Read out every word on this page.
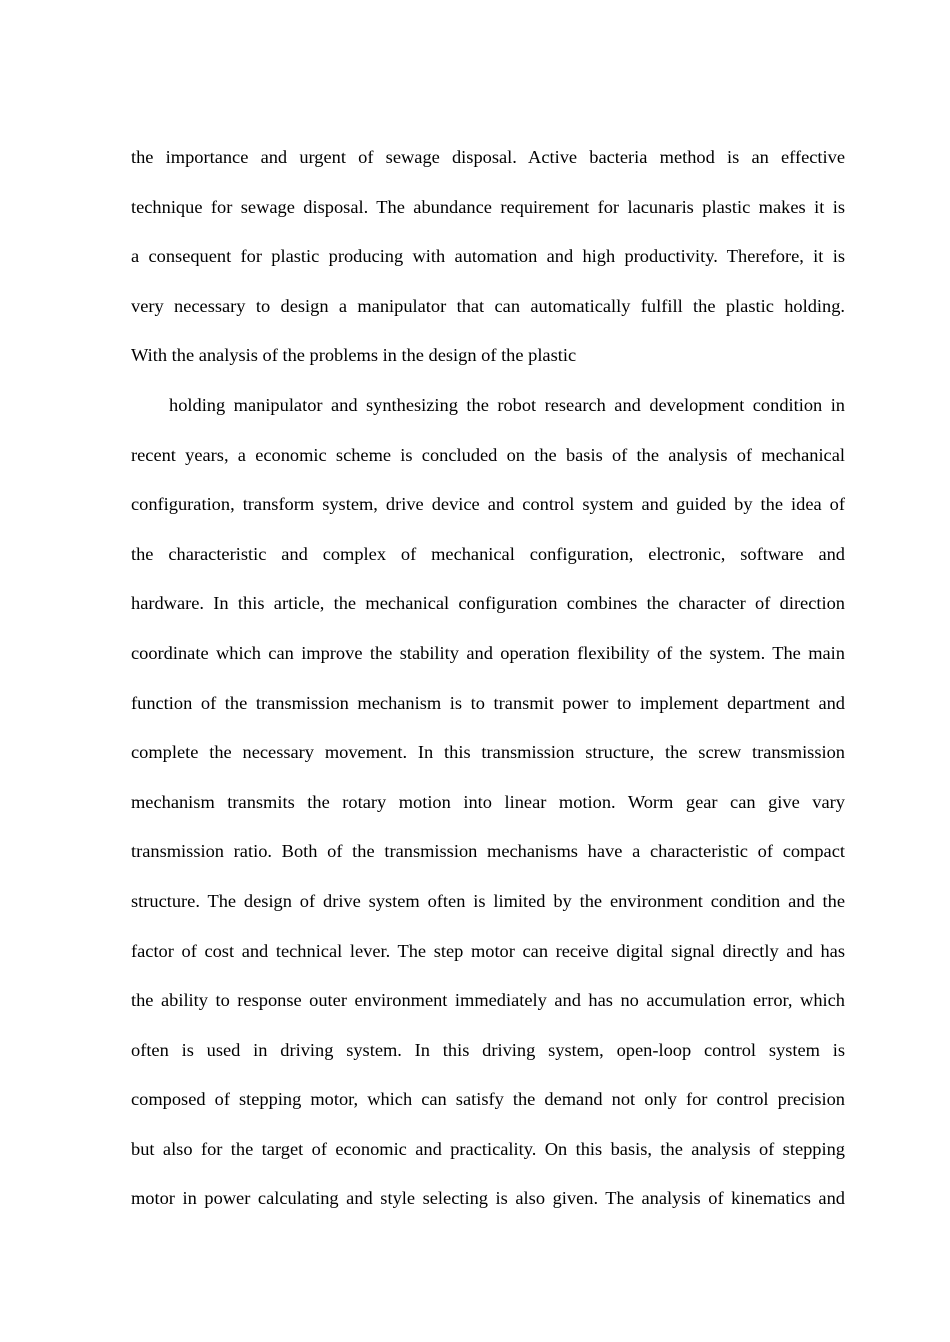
the importance and urgent of sewage disposal. Active bacteria method is an effective
technique for sewage disposal. The abundance requirement for lacunaris plastic makes it is
a consequent for plastic producing with automation and high productivity. Therefore, it is
very necessary to design a manipulator that can automatically fulfill the plastic holding.
With the analysis of the problems in the design of the plastic
holding manipulator and synthesizing the robot research and development condition in
recent years, a economic scheme is concluded on the basis of the analysis of mechanical
configuration, transform system, drive device and control system and guided by the idea of
the characteristic and complex of mechanical configuration, electronic, software and
hardware. In this article, the mechanical configuration combines the character of direction
coordinate which can improve the stability and operation flexibility of the system. The main
function of the transmission mechanism is to transmit power to implement department and
complete the necessary movement. In this transmission structure, the screw transmission
mechanism transmits the rotary motion into linear motion. Worm gear can give vary
transmission ratio. Both of the transmission mechanisms have a characteristic of compact
structure. The design of drive system often is limited by the environment condition and the
factor of cost and technical lever. The step motor can receive digital signal directly and has
the ability to response outer environment immediately and has no accumulation error, which
often is used in driving system. In this driving system, open-loop control system is
composed of stepping motor, which can satisfy the demand not only for control precision
but also for the target of economic and practicality. On this basis, the analysis of stepping
motor in power calculating and style selecting is also given. The analysis of kinematics and
